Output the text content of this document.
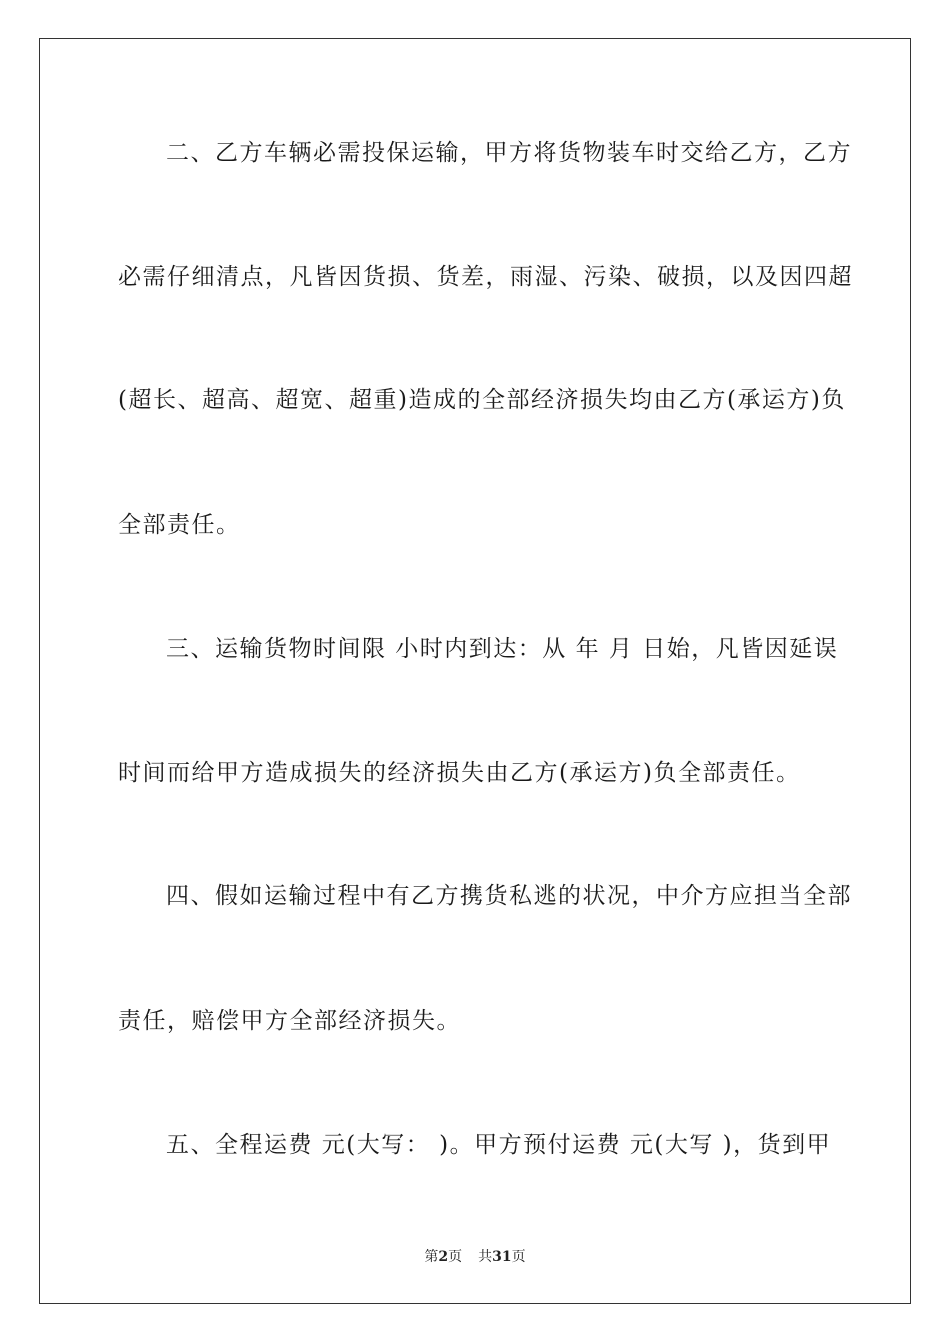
二、乙方车辆必需投保运输，甲方将货物装车时交给乙方，乙方
必需仔细清点，凡皆因货损、货差，雨湿、污染、破损，以及因四超
(超长、超高、超宽、超重)造成的全部经济损失均由乙方(承运方)负
全部责任。
三、运输货物时间限 小时内到达：从 年 月 日始，凡皆因延误
时间而给甲方造成损失的经济损失由乙方(承运方)负全部责任。
四、假如运输过程中有乙方携货私逃的状况，中介方应担当全部
责任，赔偿甲方全部经济损失。
五、全程运费 元(大写： )。甲方预付运费 元(大写 )，货到甲
第2页 共31页
